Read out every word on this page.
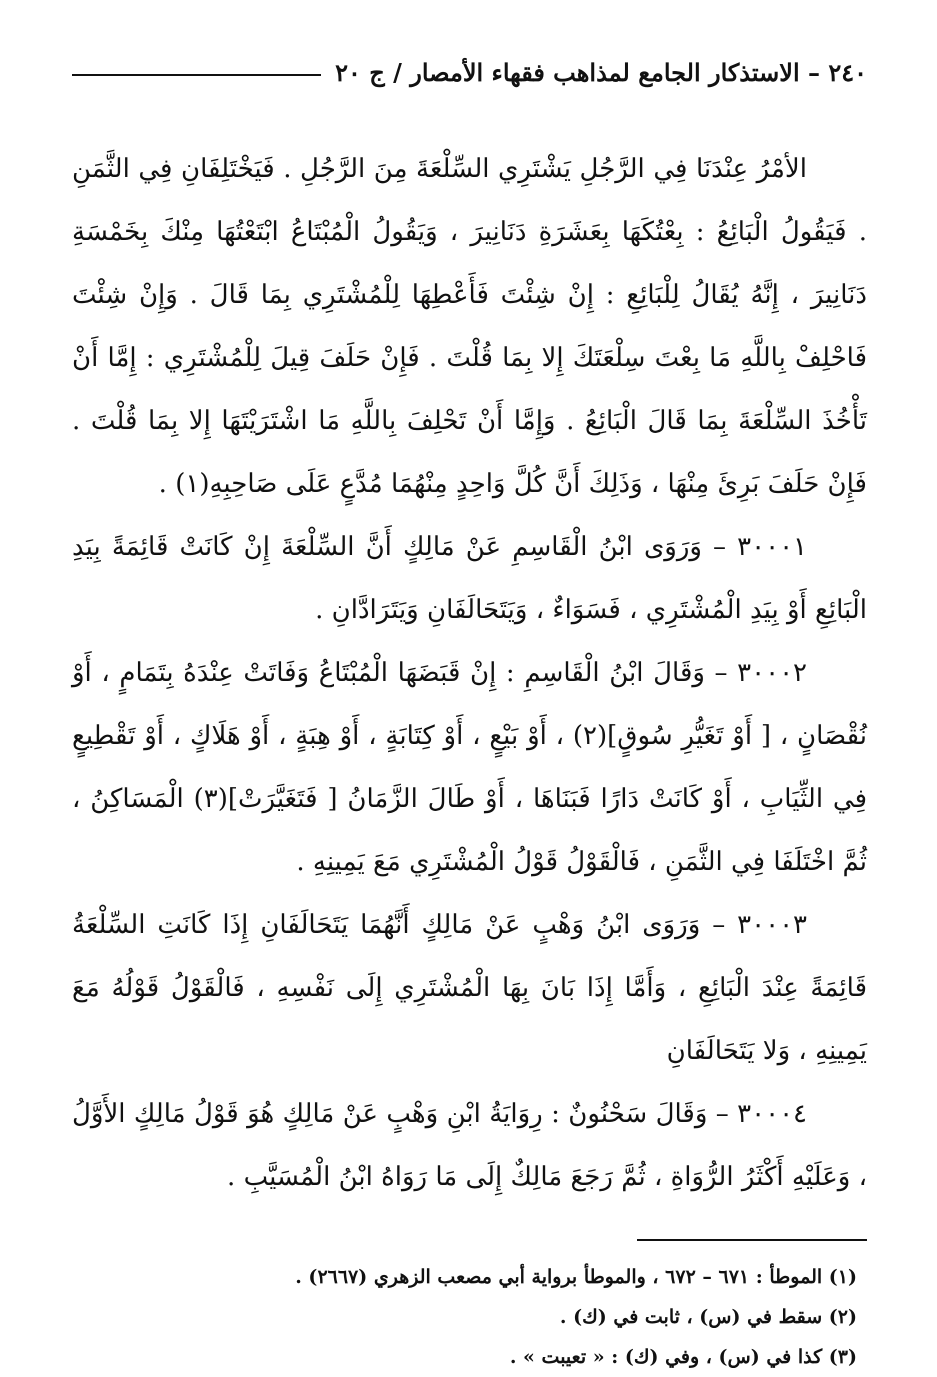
٢٤٠ – الاستذكار الجامع لمذاهب فقهاء الأمصار / ج ٢٠

الأمْرُ عِنْدَنَا فِي الرَّجُلِ يَشْتَرِي السِّلْعَةَ مِنَ الرَّجُلِ . فَيَخْتَلِفَانِ فِي الثَّمَنِ . فَيَقُولُ الْبَائِعُ : بِعْتُكَهَا بِعَشَرَةِ دَنَانِيرَ ، وَيَقُولُ الْمُبْتَاعُ ابْتَعْتُهَا مِنْكَ بِخَمْسَةِ دَنَانِيرَ ، إِنَّهُ يُقَالُ لِلْبَائِعِ : إِنْ شِئْتَ فَأَعْطِهَا لِلْمُشْتَرِي بِمَا قَالَ . وَإِنْ شِئْتَ فَاحْلِفْ بِاللَّهِ مَا بِعْتَ سِلْعَتَكَ إِلا بِمَا قُلْتَ . فَإِنْ حَلَفَ قِيلَ لِلْمُشْتَرِي : إِمَّا أَنْ تَأْخُذَ السِّلْعَةَ بِمَا قَالَ الْبَائِعُ . وَإِمَّا أَنْ تَحْلِفَ بِاللَّهِ مَا اشْتَرَيْتَهَا إِلا بِمَا قُلْتَ . فَإِنْ حَلَفَ بَرِئَ مِنْهَا ، وَذَلِكَ أَنَّ كُلَّ وَاحِدٍ مِنْهُمَا مُدَّعٍ عَلَى صَاحِبِهِ(١) .

٣٠٠٠١ – وَرَوَى ابْنُ الْقَاسِمِ عَنْ مَالِكٍ أَنَّ السِّلْعَةَ إِنْ كَانَتْ قَائِمَةً بِيَدِ الْبَائِعِ أَوْ بِيَدِ الْمُشْتَرِي ، فَسَوَاءٌ ، وَيَتَحَالَفَانِ وَيَتَرَادَّانِ .

٣٠٠٠٢ – وَقَالَ ابْنُ الْقَاسِمِ : إِنْ قَبَضَهَا الْمُبْتَاعُ وَفَاتَتْ عِنْدَهُ بِتَمَامٍ ، أَوْ نُقْصَانٍ ، [ أَوْ تَغَيُّرِ سُوقٍ](٢) ، أَوْ بَيْعٍ ، أَوْ كِتَابَةٍ ، أَوْ هِبَةٍ ، أَوْ هَلَاكٍ ، أَوْ تَقْطِيعٍ فِي الثِّيَابِ ، أَوْ كَانَتْ دَارًا فَبَنَاهَا ، أَوْ طَالَ الزَّمَانُ [ فَتَغَيَّرَتْ](٣) الْمَسَاكِنُ ، ثُمَّ اخْتَلَفَا فِي الثَّمَنِ ، فَالْقَوْلُ قَوْلُ الْمُشْتَرِي مَعَ يَمِينِهِ .

٣٠٠٠٣ – وَرَوَى ابْنُ وَهْبٍ عَنْ مَالِكٍ أَنَّهُمَا يَتَحَالَفَانِ إِذَا كَانَتِ السِّلْعَةُ قَائِمَةً عِنْدَ الْبَائِعِ ، وَأَمَّا إِذَا بَانَ بِهَا الْمُشْتَرِي إِلَى نَفْسِهِ ، فَالْقَوْلُ قَوْلُهُ مَعَ يَمِينِهِ ، وَلا يَتَحَالَفَانِ

٣٠٠٠٤ – وَقَالَ سَحْنُونٌ : رِوَايَةُ ابْنِ وَهْبٍ عَنْ مَالِكٍ هُوَ قَوْلُ مَالِكٍ الأَوَّلُ ، وَعَلَيْهِ أَكْثَرُ الرُّوَاةِ ، ثُمَّ رَجَعَ مَالِكٌ إِلَى مَا رَوَاهُ ابْنُ الْمُسَيَّبِ .

(١) الموطأ : ٦٧١ – ٦٧٢ ، والموطأ برواية أبي مصعب الزهري (٢٦٦٧) .

(٢) سقط في (س) ، ثابت في (ك) .

(٣) كذا في (س) ، وفي (ك) : « تعيبت » .
